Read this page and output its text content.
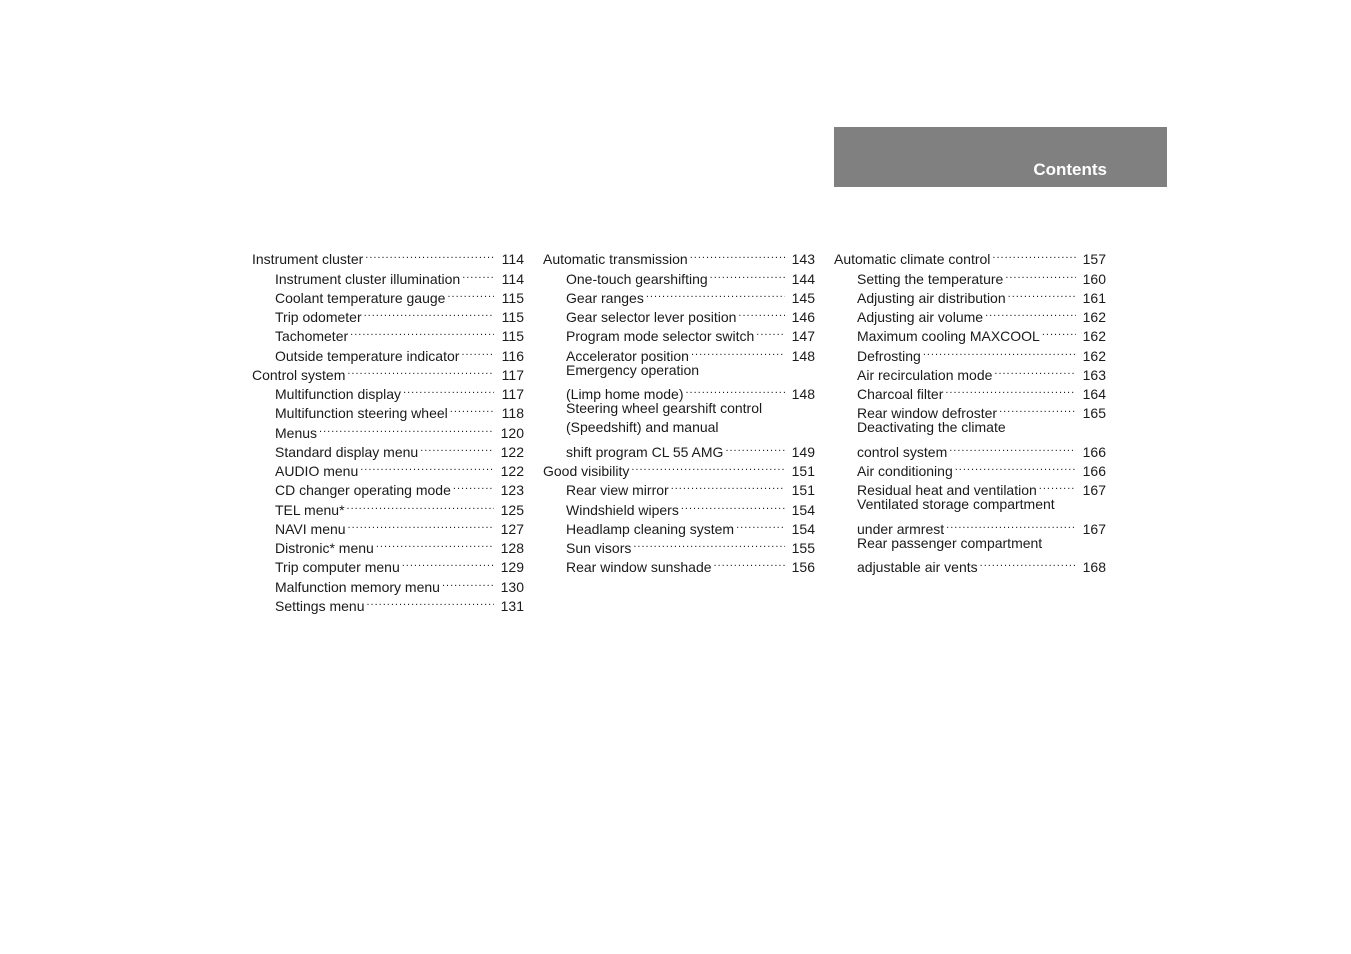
Contents
Instrument cluster .....	114
Instrument cluster illumination .....	114
Coolant temperature gauge .....	115
Trip odometer .....	115
Tachometer .....	115
Outside temperature indicator .....	116
Control system .....	117
Multifunction display .....	117
Multifunction steering wheel .....	118
Menus .....	120
Standard display menu .....	122
AUDIO menu .....	122
CD changer operating mode .....	123
TEL menu* .....	125
NAVI menu .....	127
Distronic* menu .....	128
Trip computer menu .....	129
Malfunction memory menu .....	130
Settings menu .....	131
Automatic transmission .....	143
One-touch gearshifting .....	144
Gear ranges .....	145
Gear selector lever position .....	146
Program mode selector switch .....	147
Accelerator position .....	148
Emergency operation
(Limp home mode) .....	148
Steering wheel gearshift control
(Speedshift) and manual
shift program CL 55 AMG .....	149
Good visibility .....	151
Rear view mirror .....	151
Windshield wipers .....	154
Headlamp cleaning system .....	154
Sun visors .....	155
Rear window sunshade .....	156
Automatic climate control .....	157
Setting the temperature .....	160
Adjusting air distribution .....	161
Adjusting air volume .....	162
Maximum cooling MAXCOOL .....	162
Defrosting .....	162
Air recirculation mode .....	163
Charcoal filter .....	164
Rear window defroster .....	165
Deactivating the climate
control system .....	166
Air conditioning .....	166
Residual heat and ventilation .....	167
Ventilated storage compartment
under armrest .....	167
Rear passenger compartment
adjustable air vents .....	168
